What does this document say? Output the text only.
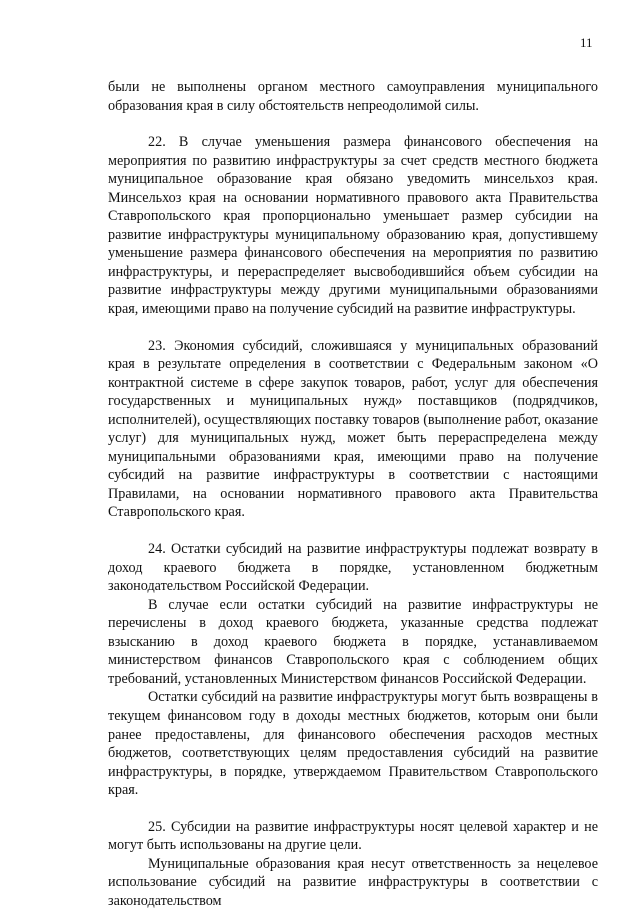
11

были не выполнены органом местного самоуправления муниципального образования края в силу обстоятельств непреодолимой силы.

22. В случае уменьшения размера финансового обеспечения на мероприятия по развитию инфраструктуры за счет средств местного бюджета муниципальное образование края обязано уведомить минсельхоз края. Минсельхоз края на основании нормативного правового акта Правительства Ставропольского края пропорционально уменьшает размер субсидии на развитие инфраструктуры муниципальному образованию края, допустившему уменьшение размера финансового обеспечения на мероприятия по развитию инфраструктуры, и перераспределяет высвободившийся объем субсидии на развитие инфраструктуры между другими муниципальными образованиями края, имеющими право на получение субсидий на развитие инфраструктуры.

23. Экономия субсидий, сложившаяся у муниципальных образований края в результате определения в соответствии с Федеральным законом «О контрактной системе в сфере закупок товаров, работ, услуг для обеспечения государственных и муниципальных нужд» поставщиков (подрядчиков, исполнителей), осуществляющих поставку товаров (выполнение работ, оказание услуг) для муниципальных нужд, может быть перераспределена между муниципальными образованиями края, имеющими право на получение субсидий на развитие инфраструктуры в соответствии с настоящими Правилами, на основании нормативного правового акта Правительства Ставропольского края.

24. Остатки субсидий на развитие инфраструктуры подлежат возврату в доход краевого бюджета в порядке, установленном бюджетным законодательством Российской Федерации.

В случае если остатки субсидий на развитие инфраструктуры не перечислены в доход краевого бюджета, указанные средства подлежат взысканию в доход краевого бюджета в порядке, устанавливаемом министерством финансов Ставропольского края с соблюдением общих требований, установленных Министерством финансов Российской Федерации.

Остатки субсидий на развитие инфраструктуры могут быть возвращены в текущем финансовом году в доходы местных бюджетов, которым они были ранее предоставлены, для финансового обеспечения расходов местных бюджетов, соответствующих целям предоставления субсидий на развитие инфраструктуры, в порядке, утверждаемом Правительством Ставропольского края.

25. Субсидии на развитие инфраструктуры носят целевой характер и не могут быть использованы на другие цели.

Муниципальные образования края несут ответственность за нецелевое использование субсидий на развитие инфраструктуры в соответствии с законодательством
